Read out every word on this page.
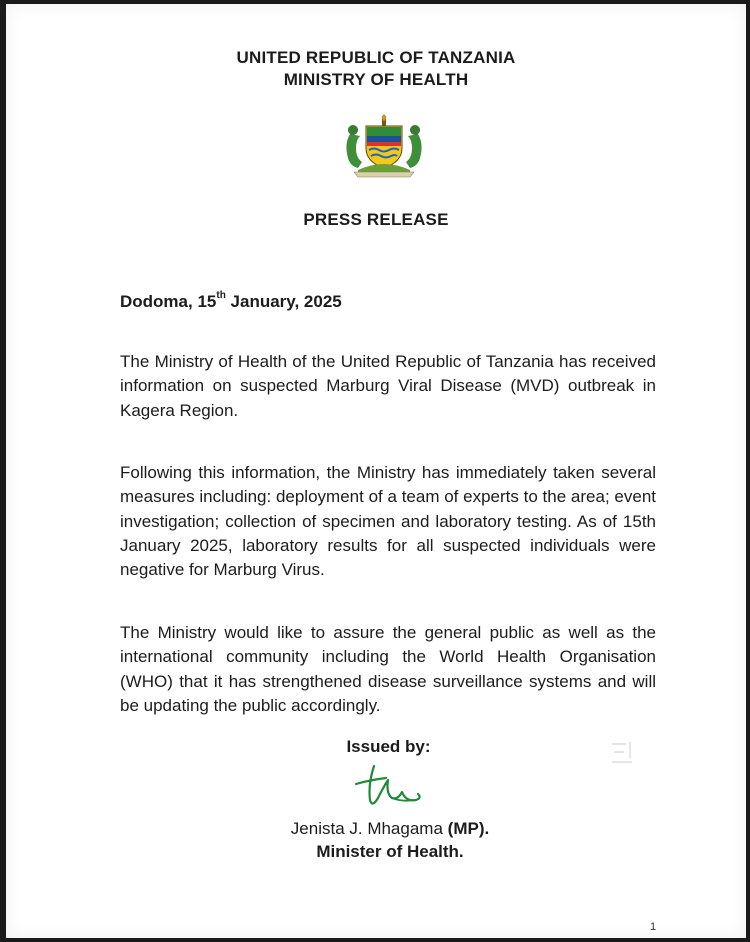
UNITED REPUBLIC OF TANZANIA
MINISTRY OF HEALTH
PRESS RELEASE
Dodoma, 15th January, 2025

The Ministry of Health of the United Republic of Tanzania has received information on suspected Marburg Viral Disease (MVD) outbreak in Kagera Region.

Following this information, the Ministry has immediately taken several measures including: deployment of a team of experts to the area; event investigation; collection of specimen and laboratory testing. As of 15th January 2025, laboratory results for all suspected individuals were negative for Marburg Virus.

The Ministry would like to assure the general public as well as the international community including the World Health Organisation (WHO) that it has strengthened disease surveillance systems and will be updating the public accordingly.

Issued by:
Jenista J. Mhagama (MP).
Minister of Health.
1
